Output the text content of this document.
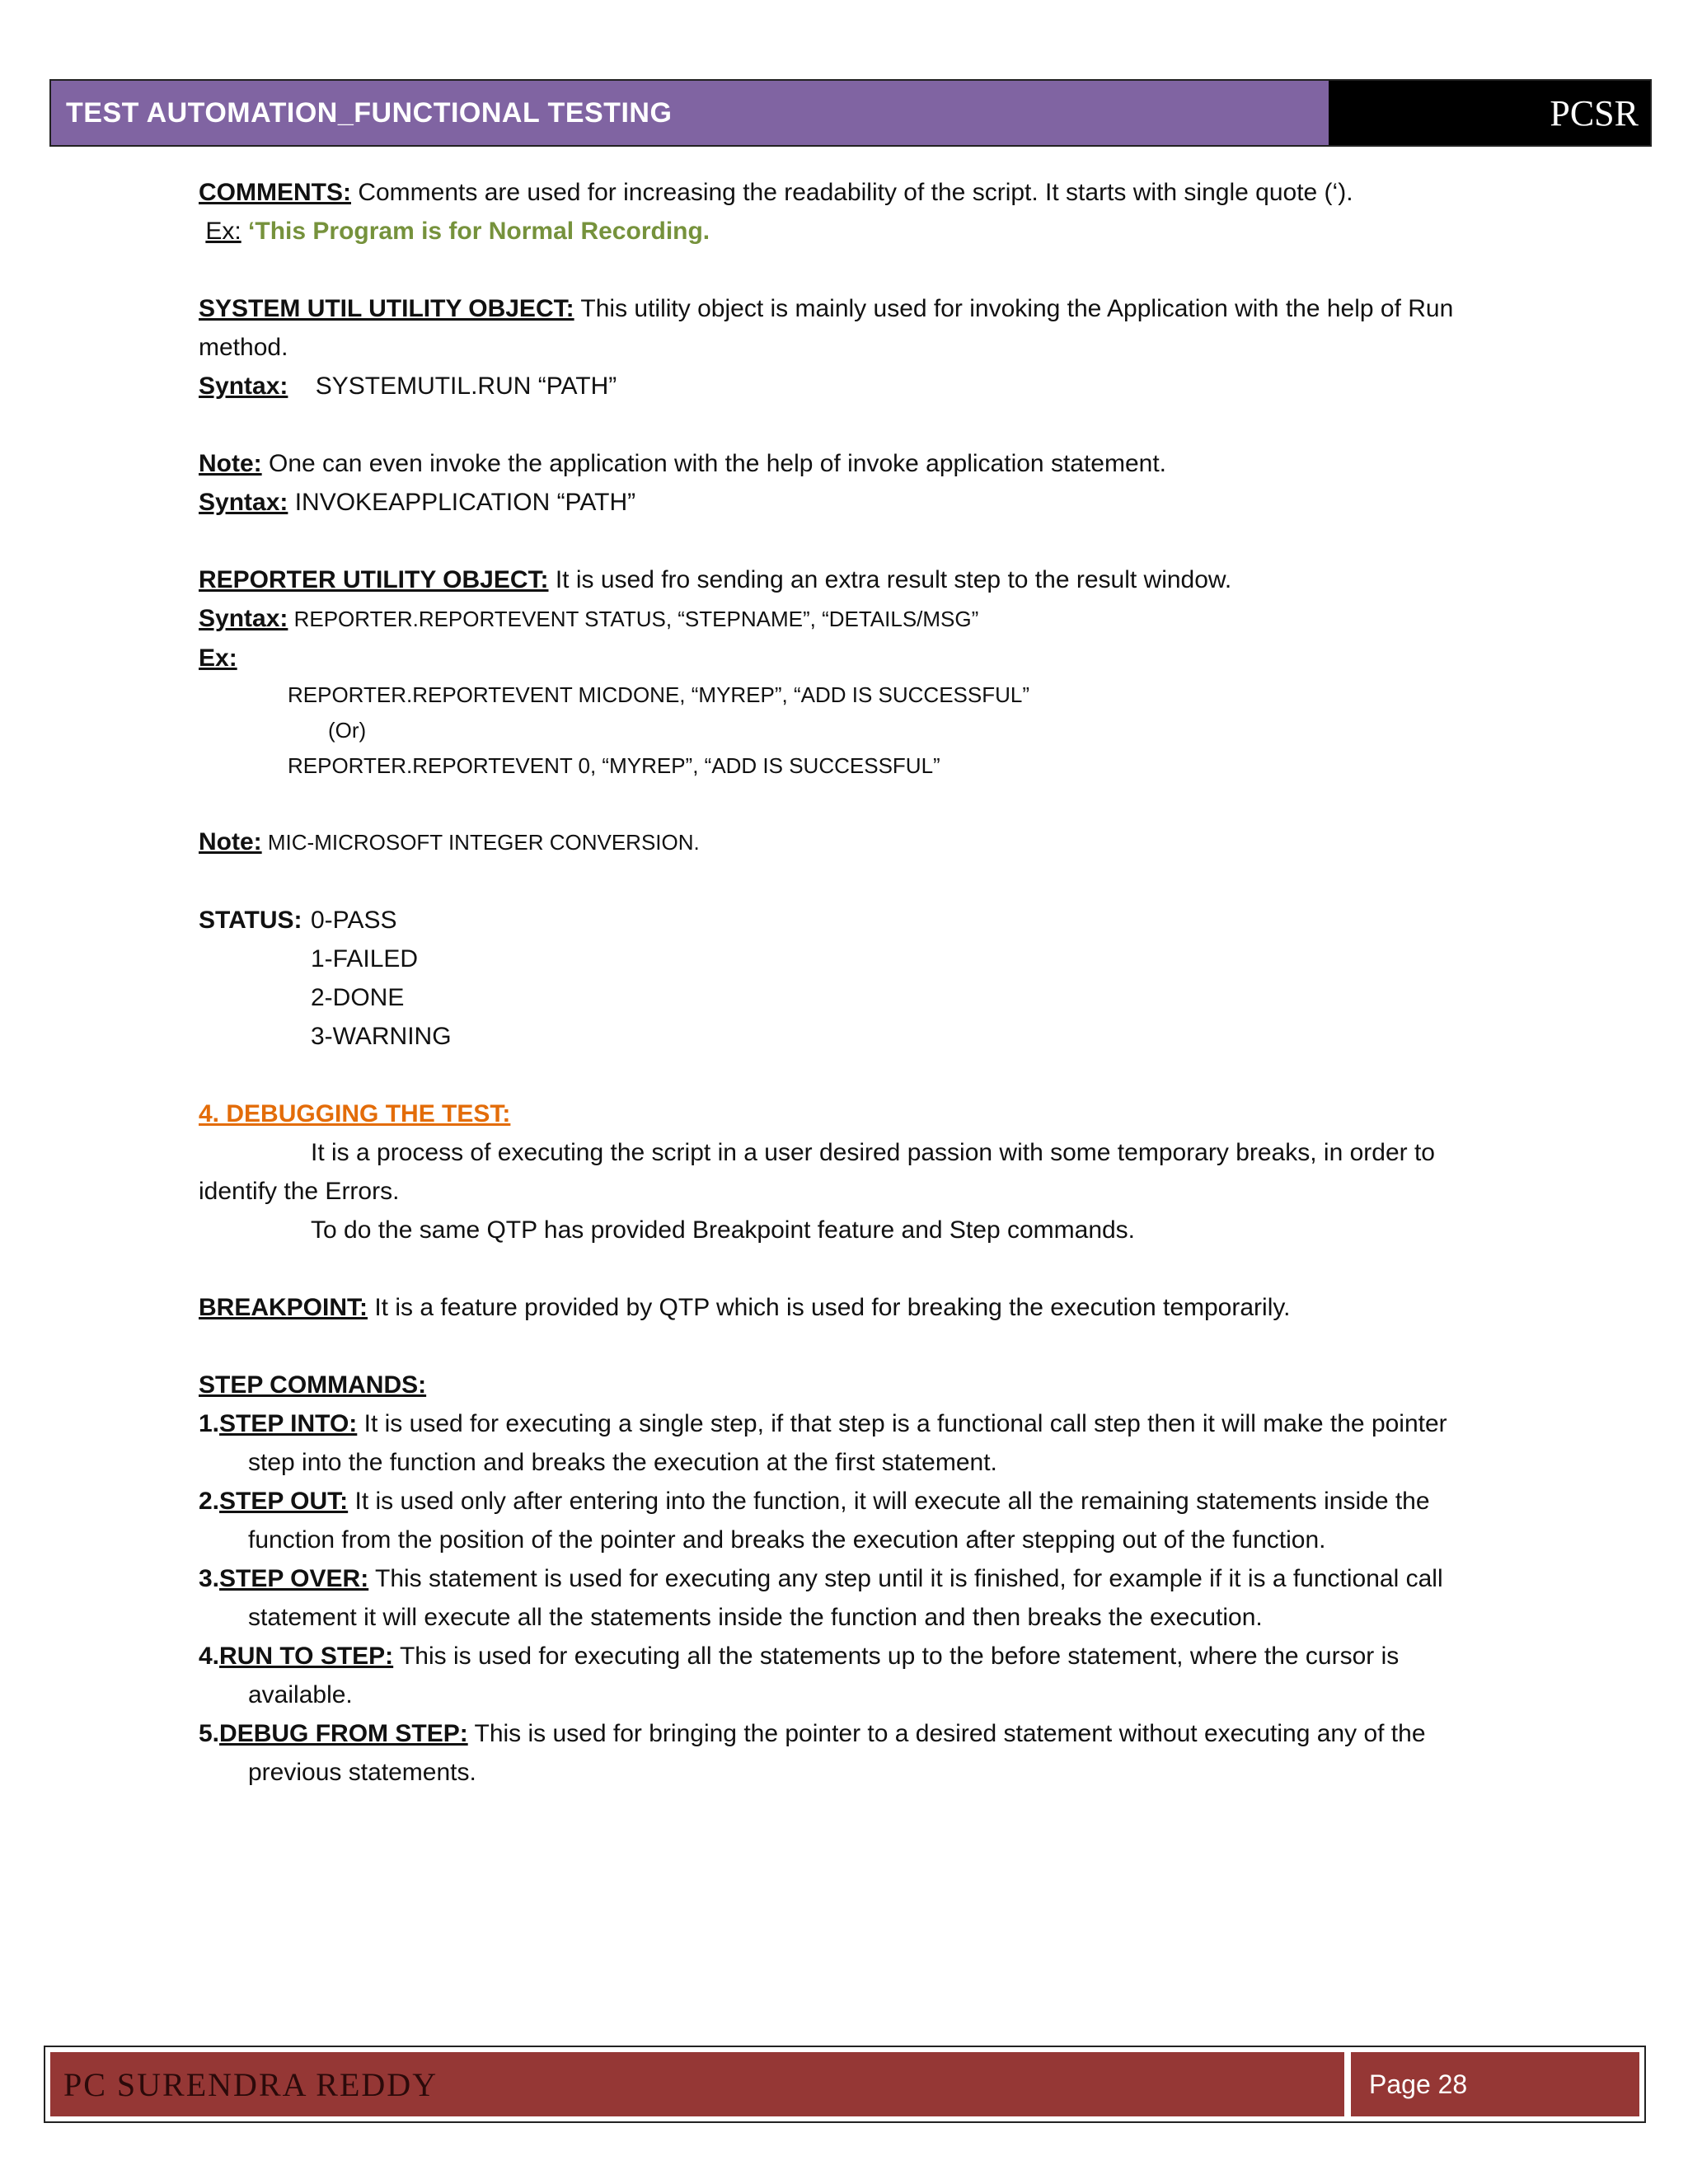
TEST AUTOMATION_FUNCTIONAL TESTING	PCSR

COMMENTS: Comments are used for increasing the readability of the script. It starts with single quote (‘).

Ex: ‘This Program is for Normal Recording.

SYSTEM UTIL UTILITY OBJECT: This utility object is mainly used for invoking the Application with the help of Run method.

Syntax:    SYSTEMUTIL.RUN “PATH”

Note: One can even invoke the application with the help of invoke application statement.

Syntax: INVOKEAPPLICATION “PATH”

REPORTER UTILITY OBJECT: It is used fro sending an extra result step to the result window.

Syntax: REPORTER.REPORTEVENT STATUS, “STEPNAME”, “DETAILS/MSG”

Ex:

REPORTER.REPORTEVENT MICDONE, “MYREP”, “ADD IS SUCCESSFUL”

(Or)

REPORTER.REPORTEVENT 0, “MYREP”, “ADD IS SUCCESSFUL”

Note: MIC-MICROSOFT INTEGER CONVERSION.

STATUS: 0-PASS

1-FAILED

2-DONE

3-WARNING

4. DEBUGGING THE TEST:

It is a process of executing the script in a user desired passion with some temporary breaks, in order to

identify the Errors.

To do the same QTP has provided Breakpoint feature and Step commands.

BREAKPOINT: It is a feature provided by QTP which is used for breaking the execution temporarily.

STEP COMMANDS:

1.STEP INTO: It is used for executing a single step, if that step is a functional call step then it will make the pointer step into the function and breaks the execution at the first statement.
2.STEP OUT: It is used only after entering into the function, it will execute all the remaining statements inside the function from the position of the pointer and breaks the execution after stepping out of the function.
3.STEP OVER: This statement is used for executing any step until it is finished, for example if it is a functional call statement it will execute all the statements inside the function and then breaks the execution.
4.RUN TO STEP: This is used for executing all the statements up to the before statement, where the cursor is available.
5.DEBUG FROM STEP: This is used for bringing the pointer to a desired statement without executing any of the previous statements.
PC SURENDRA REDDY	Page 28
